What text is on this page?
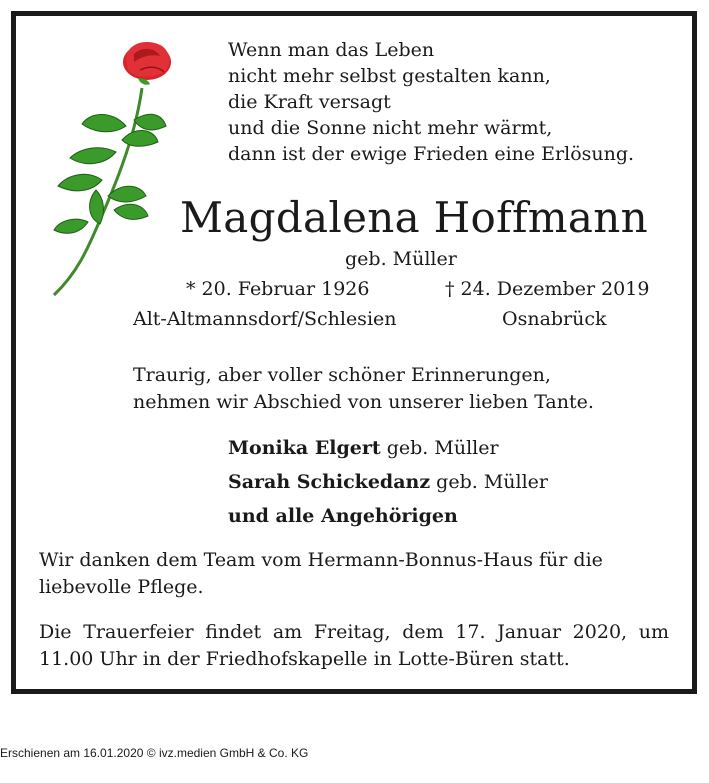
Wenn man das Leben
nicht mehr selbst gestalten kann,
die Kraft versagt
und die Sonne nicht mehr wärmt,
dann ist der ewige Frieden eine Erlösung.
Magdalena Hoffmann
geb. Müller
* 20. Februar 1926	† 24. Dezember 2019
Alt-Altmannsdorf/Schlesien	Osnabrück
Traurig, aber voller schöner Erinnerungen,
nehmen wir Abschied von unserer lieben Tante.
Monika Elgert geb. Müller
Sarah Schickedanz geb. Müller
und alle Angehörigen
Wir danken dem Team vom Hermann-Bonnus-Haus für die liebevolle Pflege.
Die Trauerfeier findet am Freitag, dem 17. Januar 2020, um 11.00 Uhr in der Friedhofskapelle in Lotte-Büren statt.
Erschienen am 16.01.2020 © ivz.medien GmbH & Co. KG
